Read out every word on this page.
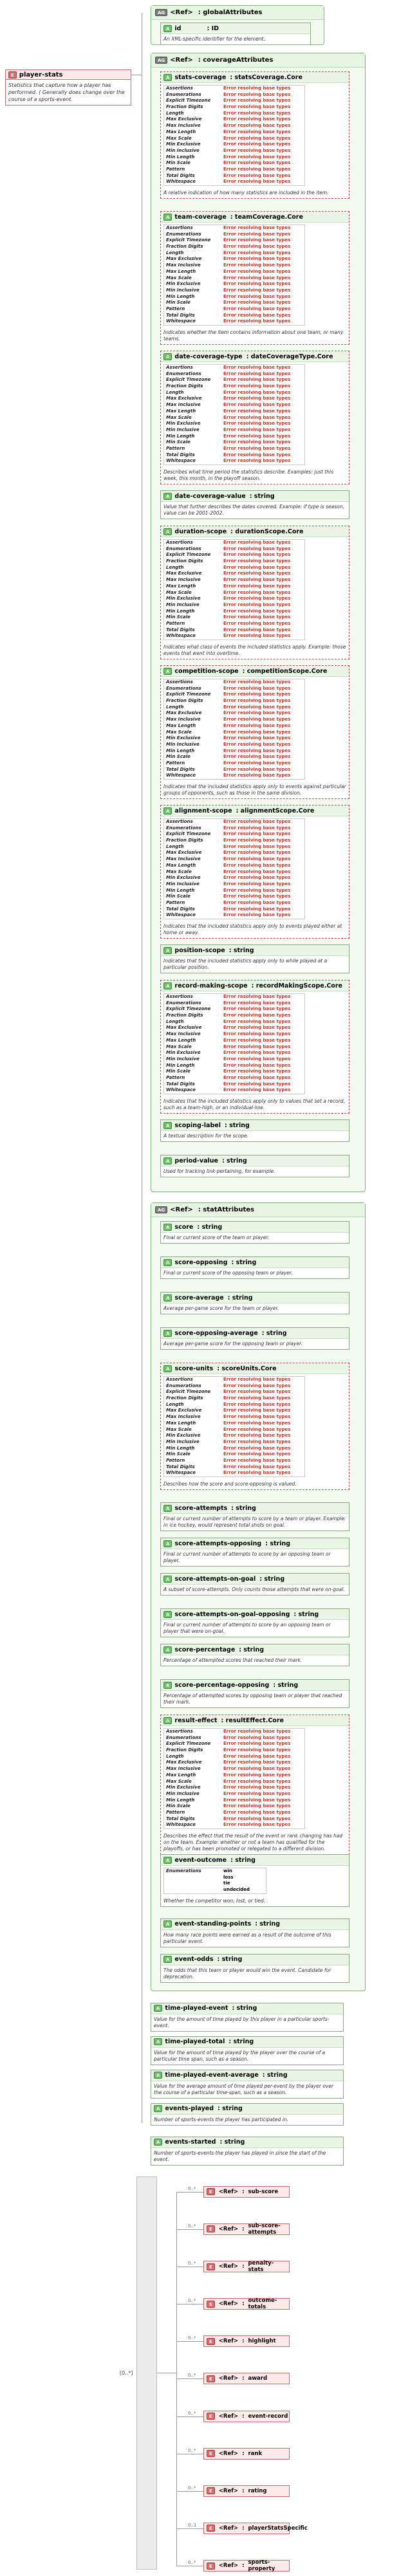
E player-stats
Statistics that capture how a player has performed. ( Generally does change over the course of a sports-event.
AG <Ref> : globalAttributes
A id	: ID
An XML-specific identifier for the element.
AG <Ref> : coverageAttributes
A stats-coverage : statsCoverage.Core
Assertions	Error resolving base types
Enumerations	Error resolving base types
Explicit Timezone	Error resolving base types
Fraction Digits	Error resolving base types
Length	Error resolving base types
Max Exclusive	Error resolving base types
Max Inclusive	Error resolving base types
Max Length	Error resolving base types
Max Scale	Error resolving base types
Min Exclusive	Error resolving base types
Min Inclusive	Error resolving base types
Min Length	Error resolving base types
Min Scale	Error resolving base types
Pattern	Error resolving base types
Total Digits	Error resolving base types
Whitespace	Error resolving base types
A relative indication of how many statistics are included in the item.
A team-coverage : teamCoverage.Core
Assertions	Error resolving base types
Enumerations	Error resolving base types
Explicit Timezone	Error resolving base types
Fraction Digits	Error resolving base types
Length	Error resolving base types
Max Exclusive	Error resolving base types
Max Inclusive	Error resolving base types
Max Length	Error resolving base types
Max Scale	Error resolving base types
Min Exclusive	Error resolving base types
Min Inclusive	Error resolving base types
Min Length	Error resolving base types
Min Scale	Error resolving base types
Pattern	Error resolving base types
Total Digits	Error resolving base types
Whitespace	Error resolving base types
Indicates whether the item contains information about one team, or many teams.
A date-coverage-type : dateCoverageType.Core
Assertions	Error resolving base types
Enumerations	Error resolving base types
Explicit Timezone	Error resolving base types
Fraction Digits	Error resolving base types
Length	Error resolving base types
Max Exclusive	Error resolving base types
Max Inclusive	Error resolving base types
Max Length	Error resolving base types
Max Scale	Error resolving base types
Min Exclusive	Error resolving base types
Min Inclusive	Error resolving base types
Min Length	Error resolving base types
Min Scale	Error resolving base types
Pattern	Error resolving base types
Total Digits	Error resolving base types
Whitespace	Error resolving base types
Describes what time period the statistics describe. Examples: just this week, this month, in the playoff season.
A date-coverage-value : string
Value that further describes the dates covered. Example: if type is season, value can be 2001-2002.
A duration-scope : durationScope.Core
Assertions	Error resolving base types
Enumerations	Error resolving base types
Explicit Timezone	Error resolving base types
Fraction Digits	Error resolving base types
Length	Error resolving base types
Max Exclusive	Error resolving base types
Max Inclusive	Error resolving base types
Max Length	Error resolving base types
Max Scale	Error resolving base types
Min Exclusive	Error resolving base types
Min Inclusive	Error resolving base types
Min Length	Error resolving base types
Min Scale	Error resolving base types
Pattern	Error resolving base types
Total Digits	Error resolving base types
Whitespace	Error resolving base types
Indicates what class of events the included statistics apply. Example: those events that went into overtime.
A competition-scope : competitionScope.Core
Assertions	Error resolving base types
Enumerations	Error resolving base types
Explicit Timezone	Error resolving base types
Fraction Digits	Error resolving base types
Length	Error resolving base types
Max Exclusive	Error resolving base types
Max Inclusive	Error resolving base types
Max Length	Error resolving base types
Max Scale	Error resolving base types
Min Exclusive	Error resolving base types
Min Inclusive	Error resolving base types
Min Length	Error resolving base types
Min Scale	Error resolving base types
Pattern	Error resolving base types
Total Digits	Error resolving base types
Whitespace	Error resolving base types
Indicates that the included statistics apply only to events against particular groups of opponents, such as those in the same division.
A alignment-scope : alignmentScope.Core
Assertions	Error resolving base types
Enumerations	Error resolving base types
Explicit Timezone	Error resolving base types
Fraction Digits	Error resolving base types
Length	Error resolving base types
Max Exclusive	Error resolving base types
Max Inclusive	Error resolving base types
Max Length	Error resolving base types
Max Scale	Error resolving base types
Min Exclusive	Error resolving base types
Min Inclusive	Error resolving base types
Min Length	Error resolving base types
Min Scale	Error resolving base types
Pattern	Error resolving base types
Total Digits	Error resolving base types
Whitespace	Error resolving base types
Indicates that the included statistics apply only to events played either at home or away.
A position-scope : string
Indicates that the included statistics apply only to while played at a particular position.
A record-making-scope : recordMakingScope.Core
Assertions	Error resolving base types
Enumerations	Error resolving base types
Explicit Timezone	Error resolving base types
Fraction Digits	Error resolving base types
Length	Error resolving base types
Max Exclusive	Error resolving base types
Max Inclusive	Error resolving base types
Max Length	Error resolving base types
Max Scale	Error resolving base types
Min Exclusive	Error resolving base types
Min Inclusive	Error resolving base types
Min Length	Error resolving base types
Min Scale	Error resolving base types
Pattern	Error resolving base types
Total Digits	Error resolving base types
Whitespace	Error resolving base types
Indicates that the included statistics apply only to values that set a record, such as a team-high, or an individual-low.
A scoping-label : string
A textual description for the scope.
A period-value : string
Used for tracking link-pertaining, for example.
AG <Ref> : statAttributes
A score : string
Final or current score of the team or player.
A score-opposing : string
Final or current score of the opposing team or player.
A score-average : string
Average per-game score for the team or player.
A score-opposing-average : string
Average per-game score for the opposing team or player.
A score-units : scoreUnits.Core
Assertions	Error resolving base types
Enumerations	Error resolving base types
Explicit Timezone	Error resolving base types
Fraction Digits	Error resolving base types
Length	Error resolving base types
Max Exclusive	Error resolving base types
Max Inclusive	Error resolving base types
Max Length	Error resolving base types
Max Scale	Error resolving base types
Min Exclusive	Error resolving base types
Min Inclusive	Error resolving base types
Min Length	Error resolving base types
Min Scale	Error resolving base types
Pattern	Error resolving base types
Total Digits	Error resolving base types
Whitespace	Error resolving base types
Describes how the score and score-opposing is valued.
A score-attempts : string
Final or current number of attempts to score by a team or player. Example: in ice hockey, would represent total shots on goal.
A score-attempts-opposing : string
Final or current number of attempts to score by an opposing team or player.
A score-attempts-on-goal : string
A subset of score-attempts. Only counts those attempts that were on-goal.
A score-attempts-on-goal-opposing : string
Final or current number of attempts to score by an opposing team or player that were on-goal.
A score-percentage : string
Percentage of attempted scores that reached their mark.
A score-percentage-opposing : string
Percentage of attempted scores by opposing team or player that reached their mark.
A result-effect : resultEffect.Core
Assertions	Error resolving base types
Enumerations	Error resolving base types
Explicit Timezone	Error resolving base types
Fraction Digits	Error resolving base types
Length	Error resolving base types
Max Exclusive	Error resolving base types
Max Inclusive	Error resolving base types
Max Length	Error resolving base types
Max Scale	Error resolving base types
Min Exclusive	Error resolving base types
Min Inclusive	Error resolving base types
Min Length	Error resolving base types
Min Scale	Error resolving base types
Pattern	Error resolving base types
Total Digits	Error resolving base types
Whitespace	Error resolving base types
Describes the effect that the result of the event or rank changing has had on the team. Example: whether or not a team has qualified for the playoffs, or has been promoted or relegated to a different division.
A event-outcome : string
Enumerations	win
loss
tie
undecided
Whether the competitor won, lost, or tied.
A event-standing-points : string
How many race points were earned as a result of the outcome of this particular event.
A event-odds : string
The odds that this team or player would win the event. Candidate for deprecation.
A time-played-event : string
Value for the amount of time played by this player in a particular sports-event.
A time-played-total : string
Value for the amount of time played by the player over the course of a particular time span, such as a season.
A time-played-event-average : string
Value for the average amount of time played per-event by the player over the course of a particular time-span, such as a season.
A events-played : string
Number of sports-events the player has participated in.
A events-started : string
Number of sports-events the player has played in since the start of the event.
[0..*]
0..*
E	<Ref> : sub-score
0..*
E	<Ref> : sub-score-attempts
0..*
E	<Ref> : penalty-stats
0..*
E	<Ref> : outcome-totals
0..*
E	<Ref> : highlight
0..*
E	<Ref> : award
0..*
E	<Ref> : event-record
0..*
E	<Ref> : rank
0..*
E	<Ref> : rating
0..1
E	<Ref> : playerStatsSpecific
0..*
E	<Ref> : sports-property
